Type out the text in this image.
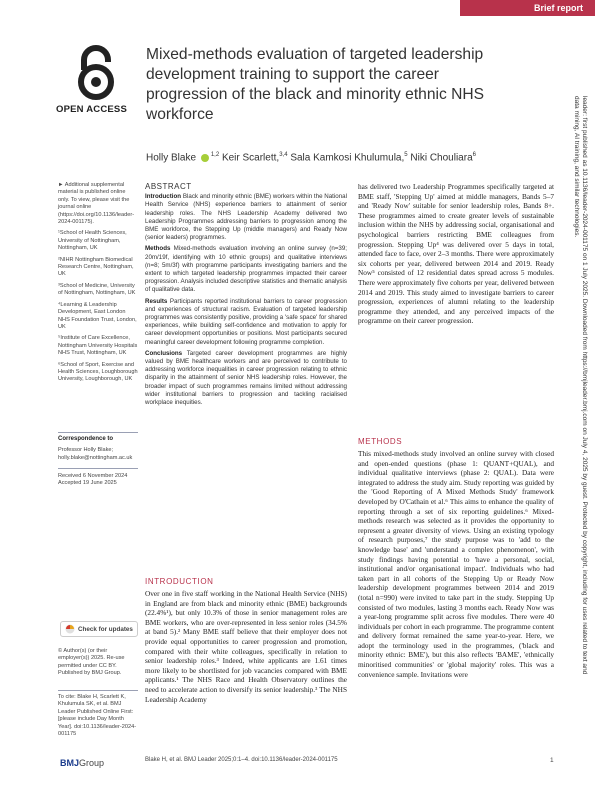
Brief report
OPEN ACCESS
Mixed-methods evaluation of targeted leadership development training to support the career progression of the black and minority ethnic NHS workforce
Holly Blake $^{1,2}$ Keir Scarlett,$^{3,4}$ Sala Kamkosi Khulumula,$^5$ Niki Chouliara$^6$

► Additional supplemental material is published online only. To view, please visit the journal online (https://doi.org/10.1136/leader-2024-001175).

¹School of Health Sciences, University of Nottingham, Nottingham, UK

²NIHR Nottingham Biomedical Research Centre, Nottingham, UK

³School of Medicine, University of Nottingham, Nottingham, UK

⁴Learning & Leadership Development, East London NHS Foundation Trust, London, UK

⁵Institute of Care Excellence, Nottingham University Hospitals NHS Trust, Nottingham, UK

⁶School of Sport, Exercise and Health Sciences, Loughborough University, Loughborough, UK

Correspondence to

Professor Holly Blake; holly.blake@nottingham.ac.uk

Received 6 November 2024

Accepted 19 June 2025

Check for updates

© Author(s) (or their employer(s)) 2025. Re-use permitted under CC BY. Published by BMJ Group.

To cite: Blake H, Scarlett K, Khulumula SK, et al. BMJ Leader Published Online First: [please include Day Month Year]. doi:10.1136/leader-2024-001175

ABSTRACT

Introduction Black and minority ethnic (BME) workers within the National Health Service (NHS) experience barriers to attainment of senior leadership roles. The NHS Leadership Academy delivered two Leadership Programmes addressing barriers to progression among the BME workforce, the Stepping Up (middle managers) and Ready Now (senior leaders) programmes.

Methods Mixed-methods evaluation involving an online survey (n=39; 20m/19f, identifying with 10 ethnic groups) and qualitative interviews (n=8; 5m/3f) with programme participants investigating barriers and the extent to which targeted leadership programmes impacted their career progression. Analysis included descriptive statistics and thematic analysis of qualitative data.

Results Participants reported institutional barriers to career progression and experiences of structural racism. Evaluation of targeted leadership programmes was consistently positive, providing a 'safe space' for shared experiences, while building self-confidence and motivation to apply for career development opportunities or positions. Most participants secured meaningful career development following programme completion.

Conclusions Targeted career development programmes are highly valued by BME healthcare workers and are perceived to contribute to addressing workforce inequalities in career progression relating to ethnic disparity in the attainment of senior NHS leadership roles. However, the broader impact of such programmes remains limited without addressing wider institutional barriers to progression and tackling racialised workplace inequities.

INTRODUCTION
Over one in five staff working in the National Health Service (NHS) in England are from black and minority ethnic (BME) backgrounds (22.4%¹), but only 10.3% of those in senior management roles are BME workers, who are over-represented in less senior roles (34.5% at band 5).² Many BME staff believe that their employer does not provide equal opportunities to career progression and promotion, compared with their white colleagues, specifically in relation to senior leadership roles.³ Indeed, white applicants are 1.61 times more likely to be shortlisted for job vacancies compared with BME applicants.¹ The NHS Race and Health Observatory outlines the need to accelerate action to diversify its senior leadership.³ The NHS Leadership Academy
has delivered two Leadership Programmes specifically targeted at BME staff, 'Stepping Up' aimed at middle managers, Bands 5–7 and 'Ready Now' suitable for senior leadership roles, Bands 8+. These programmes aimed to create greater levels of sustainable inclusion within the NHS by addressing social, organisational and psychological barriers restricting BME colleagues from progression. Stepping Up⁴ was delivered over 5 days in total, attended face to face, over 2–3 months. There were approximately six cohorts per year, delivered between 2014 and 2019. Ready Now⁵ consisted of 12 residential dates spread across 5 modules. There were approximately five cohorts per year, delivered between 2014 and 2019. This study aimed to investigate barriers to career progression, experiences of alumni relating to the leadership programme they attended, and any perceived impacts of the programme on their career progression.
METHODS
This mixed-methods study involved an online survey with closed and open-ended questions (phase 1: QUANT+QUAL), and individual qualitative interviews (phase 2: QUAL). Data were integrated to address the study aim. Study reporting was guided by the 'Good Reporting of A Mixed Methods Study' framework developed by O'Cathain et al.⁶ This aims to enhance the quality of reporting through a set of six reporting guidelines.⁶ Mixed-methods research was selected as it provides the opportunity to represent a greater diversity of views. Using an existing typology of research purposes,⁷ the study purpose was to 'add to the knowledge base' and 'understand a complex phenomenon', with study findings having potential to 'have a personal, social, institutional and/or organisational impact'. Individuals who had taken part in all cohorts of the Stepping Up or Ready Now leadership development programmes between 2014 and 2019 (total n=990) were invited to take part in the study. Stepping Up consisted of two modules, lasting 3 months each. Ready Now was a year-long programme split across five modules. There were 40 individuals per cohort in each programme. The programme content and delivery format remained the same year-to-year. Here, we adopt the terminology used in the programmes, ('black and minority ethnic: BME'), but this also reflects 'BAME', 'ethnically minoritised communities' or 'global majority' roles. This was a convenience sample. Invitations were
BMJGroup	Blake H, et al. BMJ Leader 2025;0:1–4. doi:10.1136/leader-2024-001175	1
leader: first published as 10.1136/leader-2024-001175 on 1 July 2025. Downloaded from https://bmjleader.bmj.com on July 4, 2025 by guest. Protected by copyright, including for uses related to text and data mining, AI training, and similar technologies.
